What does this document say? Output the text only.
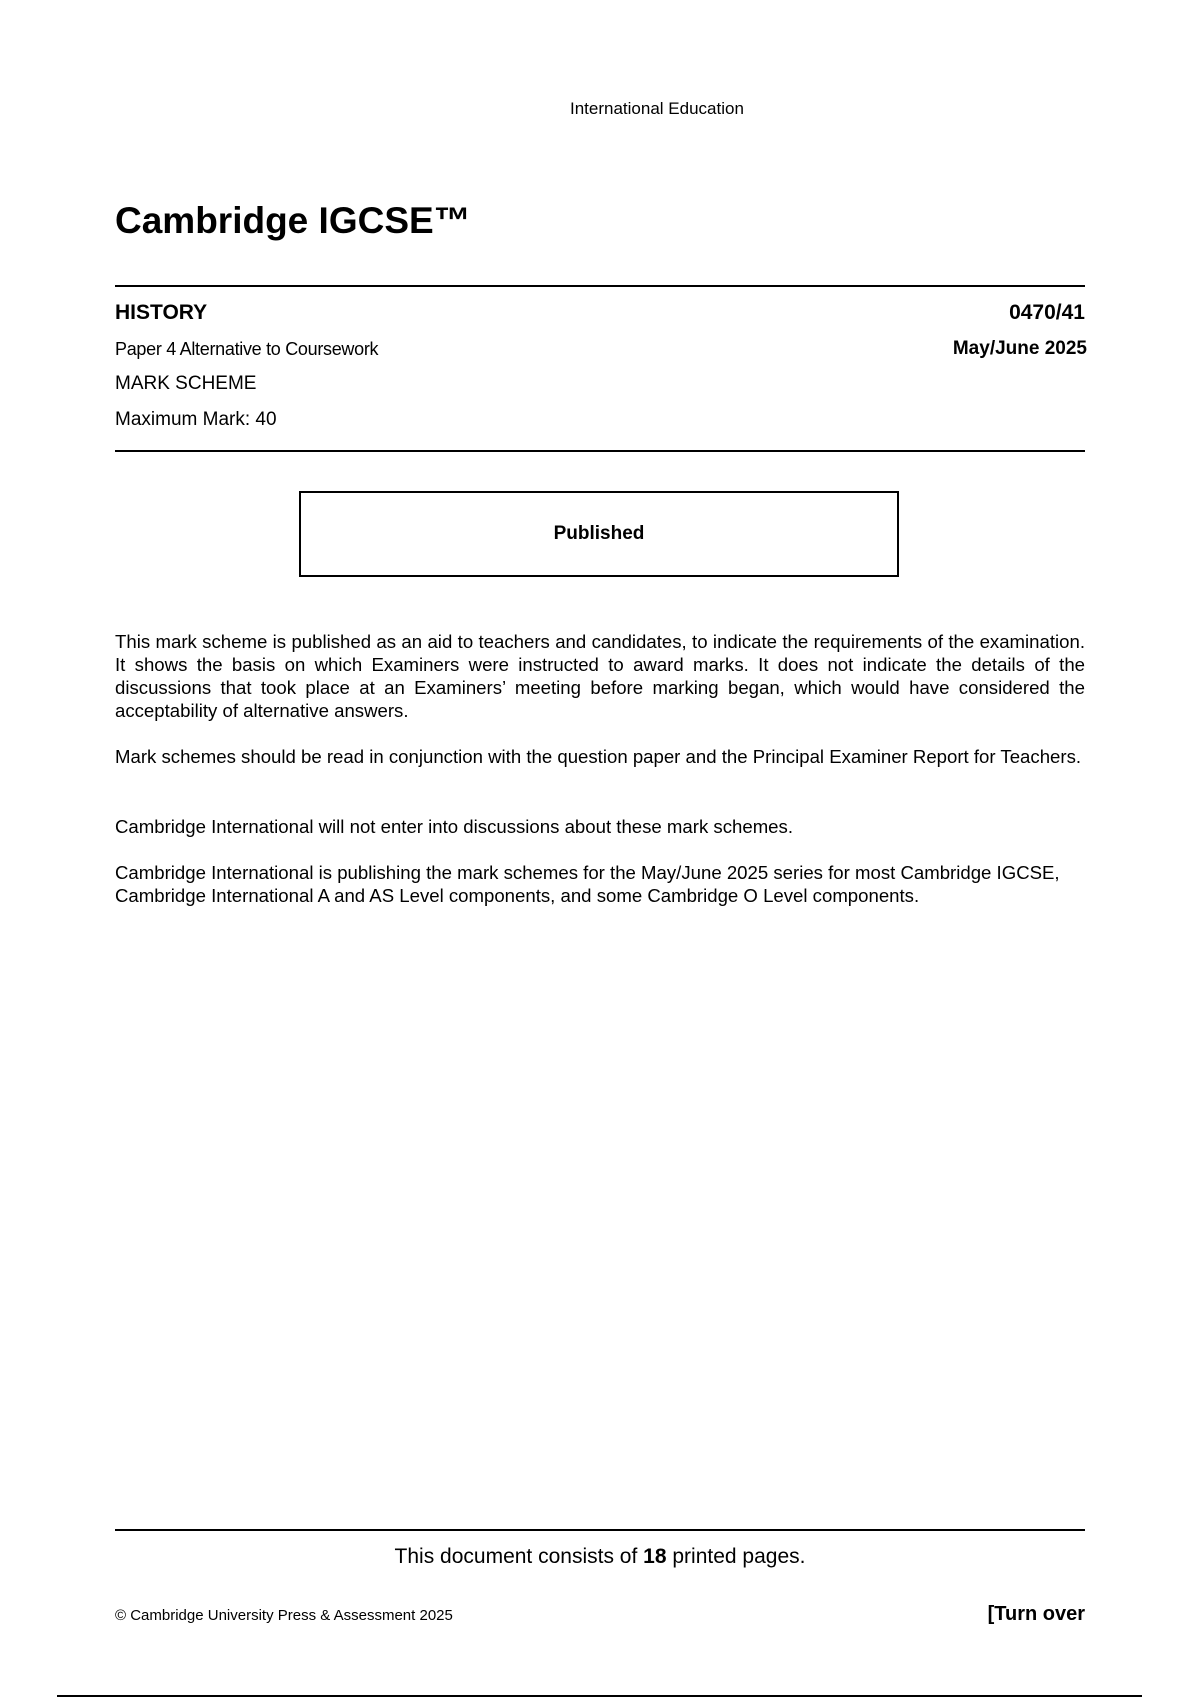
International Education
Cambridge IGCSE™
HISTORY	0470/41
Paper 4 Alternative to Coursework	May/June 2025
MARK SCHEME
Maximum Mark: 40
Published

This mark scheme is published as an aid to teachers and candidates, to indicate the requirements of the examination. It shows the basis on which Examiners were instructed to award marks. It does not indicate the details of the discussions that took place at an Examiners’ meeting before marking began, which would have considered the acceptability of alternative answers.

Mark schemes should be read in conjunction with the question paper and the Principal Examiner Report for Teachers.

Cambridge International will not enter into discussions about these mark schemes.

Cambridge International is publishing the mark schemes for the May/June 2025 series for most Cambridge IGCSE, Cambridge International A and AS Level components, and some Cambridge O Level components.

This document consists of 18 printed pages.
© Cambridge University Press & Assessment 2025	[Turn over
